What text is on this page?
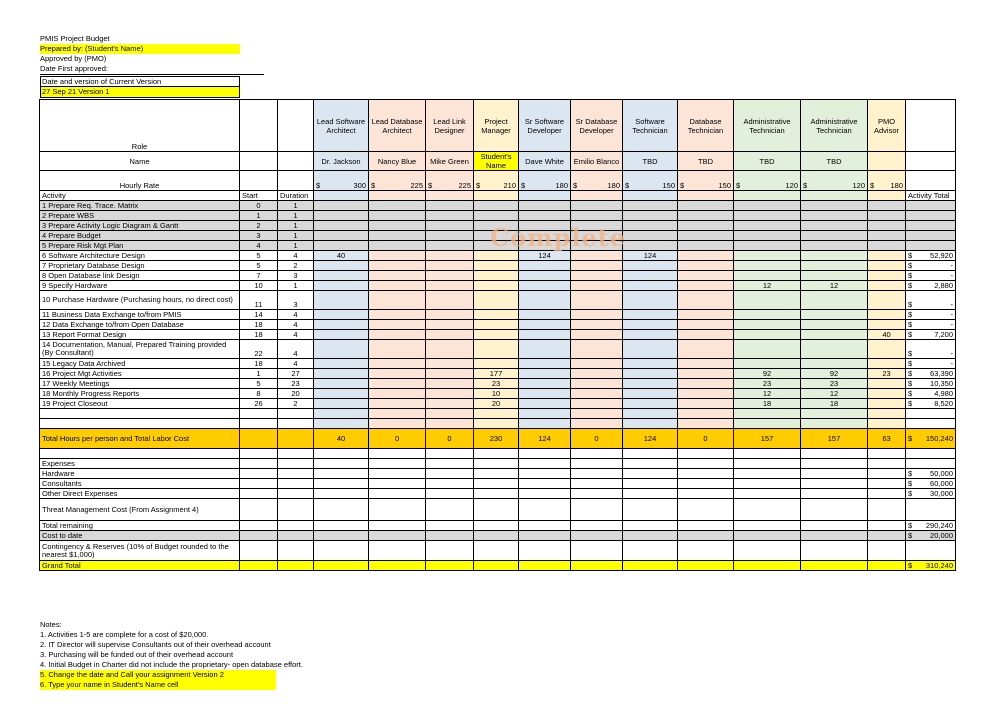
PMIS Project Budget
Prepared by: (Student's Name)
Approved by (PMO)
Date First approved:
Date and version of Current Version
27 Sep 21 Version 1
Role			Lead Software Architect	Lead Database Architect	Lead Link Designer	Project Manager	Sr Software Developer	Sr Database Developer	Software Technician	Database Technician	Administrative Technician	Administrative Technician	PMO Advisor	
Name			Dr. Jackson	Nancy Blue	Mike Green	Student's Name	Dave White	Emilio Blanco	TBD	TBD	TBD	TBD		
Hourly Rate			$ 300	$ 225	$ 225	$ 210	$ 180	$ 180	$ 150	$ 150	$ 120	$ 120	$ 180	
Activity	Start	Duration												Activity Total
1 Prepare Req. Trace. Matrix	0	1												
2 Prepare WBS	1	1												
3 Prepare Activity Logic Diagram & Gantt	2	1												
4 Prepare Budget	3	1												
5 Prepare Risk Mgt Plan	4	1												
6 Software Architecture Design	5	4	40				124		124					$ 52,920
7 Proprietary Database Design	5	2												$ -
8 Open Database link Design	7	3												$ -
9 Specify Hardware	10	1									12	12		$ 2,880
10 Purchase Hardware (Purchasing hours, no direct cost)	11	3												$ -
11 Business Data Exchange to/from PMIS	14	4												$ -
12 Data Exchange to/from Open Database	18	4												$ -
13 Report Format Design	18	4											40	$ 7,200
14 Documentation, Manual, Prepared Training provided (By Consultant)	22	4												$ -
15 Legacy Data Archived	18	4												$ -
16 Project Mgt Activities	1	27				177					92	92	23	$ 63,390
17 Weekly Meetings	5	23				23					23	23		$ 10,350
18 Monthly Progress Reports	8	20				10					12	12		$ 4,980
19 Project Closeout	26	2				20					18	18		$ 8,520

Total Hours per person and Total Labor Cost			40	0	0	230	124	0	124	0	157	157	63	$ 150,240

Expenses														
Hardware														$ 50,000
Consultants														$ 60,000
Other Direct Expenses														$ 30,000
Threat Management Cost (From Assignment 4)														
Total remaining														$ 290,240
Cost to date														$ 20,000
Contingency & Reserves (10% of Budget rounded to the nearest $1,000)														
Grand Total														$ 310,240
Complete
Notes:
1. Activities 1-5 are complete for a cost of $20,000.
2. IT Director will supervise Consultants out of their overhead account
3. Purchasing will be funded out of their overhead account
4. Initial Budget in Charter did not include the proprietary- open database effort.
5. Change the date and Call your assignment Version 2
6. Type your name in Student's Name cell
